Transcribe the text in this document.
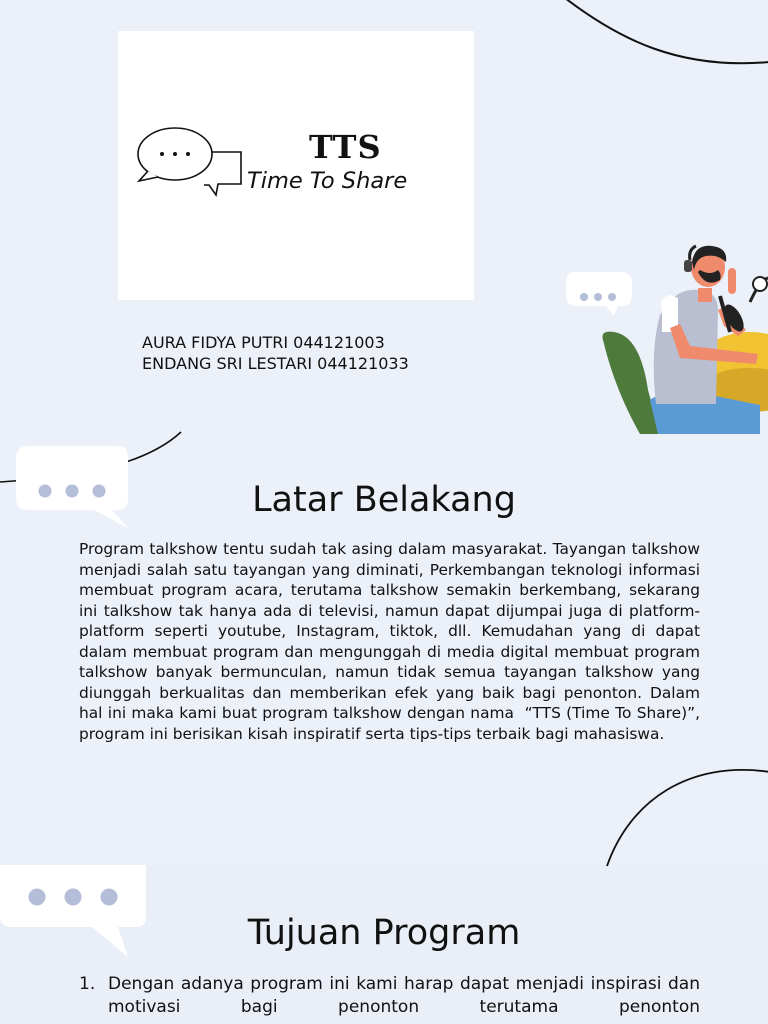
TTS
Time To Share
AURA FIDYA PUTRI 044121003
ENDANG SRI LESTARI 044121033
Latar Belakang
Program talkshow tentu sudah tak asing dalam masyarakat. Tayangan talkshow menjadi salah satu tayangan yang diminati, Perkembangan teknologi informasi membuat program acara, terutama talkshow semakin berkembang, sekarang ini talkshow tak hanya ada di televisi, namun dapat dijumpai juga di platform-platform seperti youtube, Instagram, tiktok, dll. Kemudahan yang di dapat dalam membuat program dan mengunggah di media digital membuat program talkshow banyak bermunculan, namun tidak semua tayangan talkshow yang diunggah berkualitas dan memberikan efek yang baik bagi penonton. Dalam hal ini maka kami buat program talkshow dengan nama  “TTS (Time To Share)”, program ini berisikan kisah inspiratif serta tips-tips terbaik bagi mahasiswa.
Tujuan Program
1. Dengan adanya program ini kami harap dapat menjadi inspirasi dan motivasi bagi penonton terutama penonton
